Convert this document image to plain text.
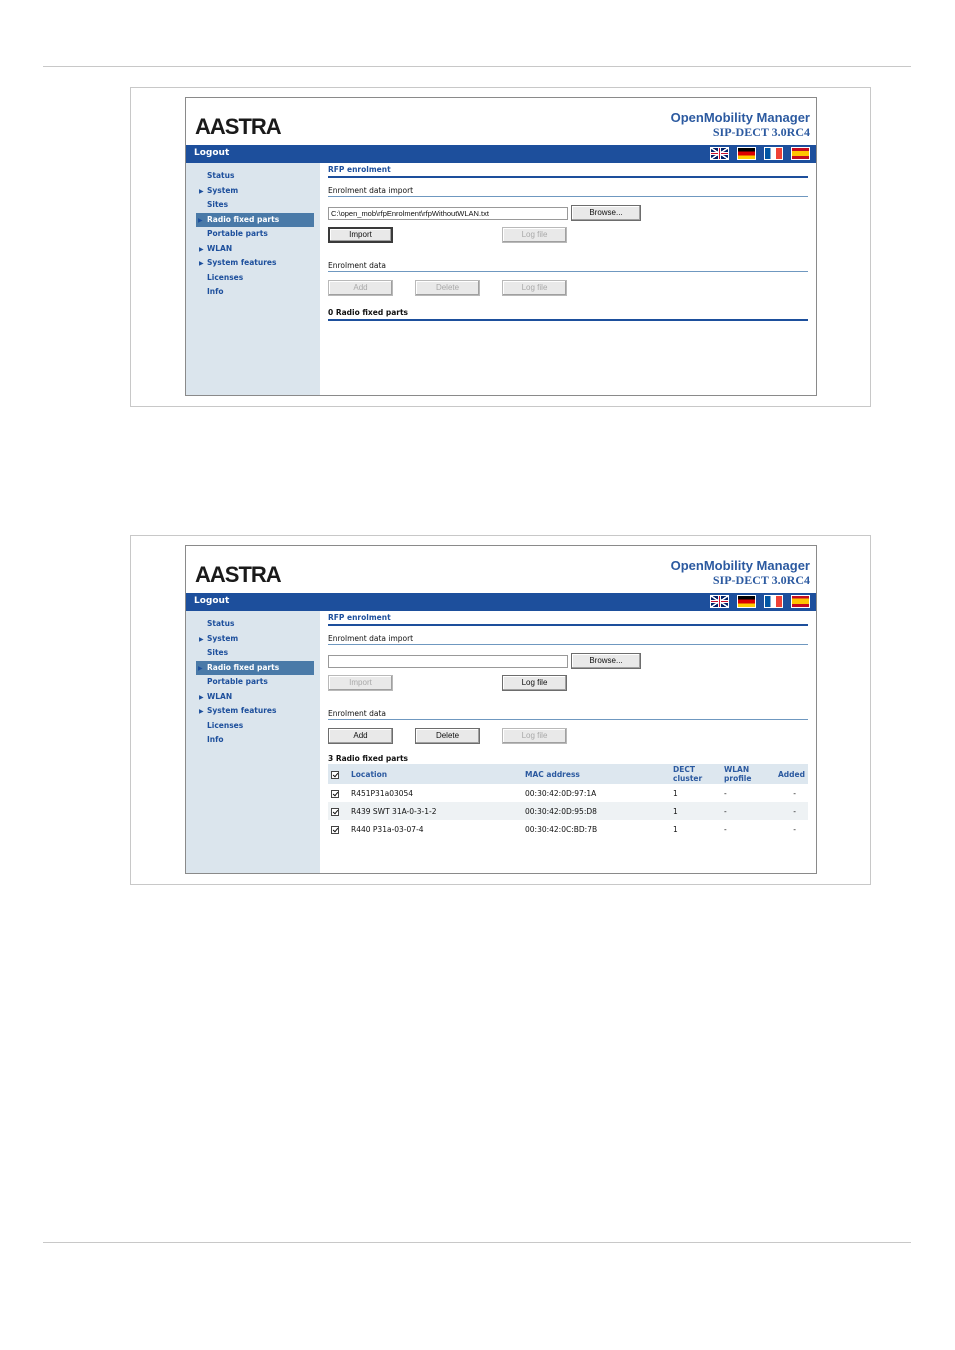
AASTRA	OpenMobility Manager
SIP-DECT 3.0RC4
Logout
Status
▶ System
Sites
▶ Radio fixed parts
Portable parts
▶ WLAN
▶ System features
Licenses
Info
RFP enrolment
Enrolment data import
C:\open_mob\rfpEnrolment\rfpWithoutWLAN.txt	Browse...
Import	Log file
Enrolment data
Add	Delete	Log file
0 Radio fixed parts
AASTRA	OpenMobility Manager
SIP-DECT 3.0RC4
Logout
Status
▶ System
Sites
▶ Radio fixed parts
Portable parts
▶ WLAN
▶ System features
Licenses
Info
RFP enrolment
Enrolment data import
Browse...
Import	Log file
Enrolment data
Add	Delete	Log file
3 Radio fixed parts
	Location	MAC address	DECT cluster	WLAN profile	Added
	R451P31a03054	00:30:42:0D:97:1A	1	-	-
	R439 SWT 31A-0-3-1-2	00:30:42:0D:95:D8	1	-	-
	R440 P31a-03-07-4	00:30:42:0C:BD:7B	1	-	-
